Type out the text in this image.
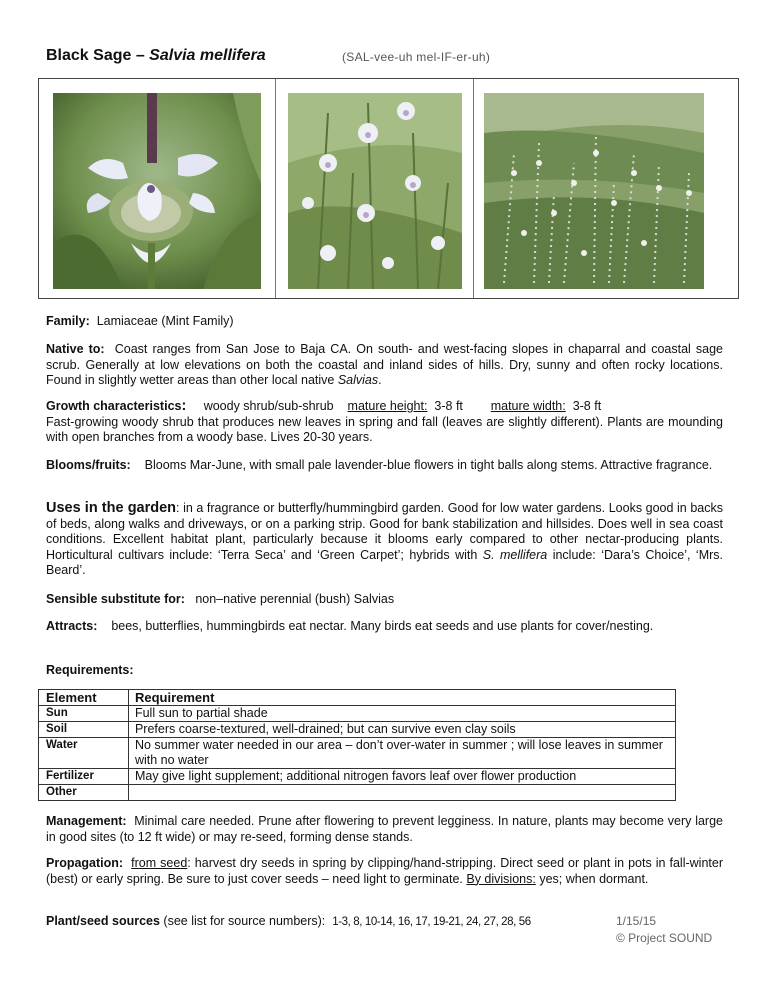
Black Sage – Salvia mellifera	(SAL-vee-uh mel-IF-er-uh)
Family: Lamiaceae (Mint Family)
Native to: Coast ranges from San Jose to Baja CA. On south- and west-facing slopes in chaparral and coastal sage scrub. Generally at low elevations on both the coastal and inland sides of hills. Dry, sunny and often rocky locations. Found in slightly wetter areas than other local native Salvias.
Growth characteristics: woody shrub/sub-shrub mature height: 3-8 ft mature width: 3-8 ft
Fast-growing woody shrub that produces new leaves in spring and fall (leaves are slightly different). Plants are mounding with open branches from a woody base. Lives 20-30 years.
Blooms/fruits: Blooms Mar-June, with small pale lavender-blue flowers in tight balls along stems. Attractive fragrance.
Uses in the garden: in a fragrance or butterfly/hummingbird garden. Good for low water gardens. Looks good in backs of beds, along walks and driveways, or on a parking strip. Good for bank stabilization and hillsides. Does well in sea coast conditions. Excellent habitat plant, particularly because it blooms early compared to other nectar-producing plants. Horticultural cultivars include: ‘Terra Seca’ and ‘Green Carpet’; hybrids with S. mellifera include: ‘Dara’s Choice’, ‘Mrs. Beard’.
Sensible substitute for: non–native perennial (bush) Salvias
Attracts: bees, butterflies, hummingbirds eat nectar. Many birds eat seeds and use plants for cover/nesting.
Requirements:
Element	Requirement
Sun	Full sun to partial shade
Soil	Prefers coarse-textured, well-drained; but can survive even clay soils
Water	No summer water needed in our area – don’t over-water in summer ; will lose leaves in summer with no water
Fertilizer	May give light supplement; additional nitrogen favors leaf over flower production
Other	
Management: Minimal care needed. Prune after flowering to prevent legginess. In nature, plants may become very large in good sites (to 12 ft wide) or may re-seed, forming dense stands.
Propagation: from seed: harvest dry seeds in spring by clipping/hand-stripping. Direct seed or plant in pots in fall-winter (best) or early spring. Be sure to just cover seeds – need light to germinate. By divisions: yes; when dormant.
Plant/seed sources (see list for source numbers): 1-3, 8, 10-14, 16, 17, 19-21, 24, 27, 28, 56	1/15/15
© Project SOUND
